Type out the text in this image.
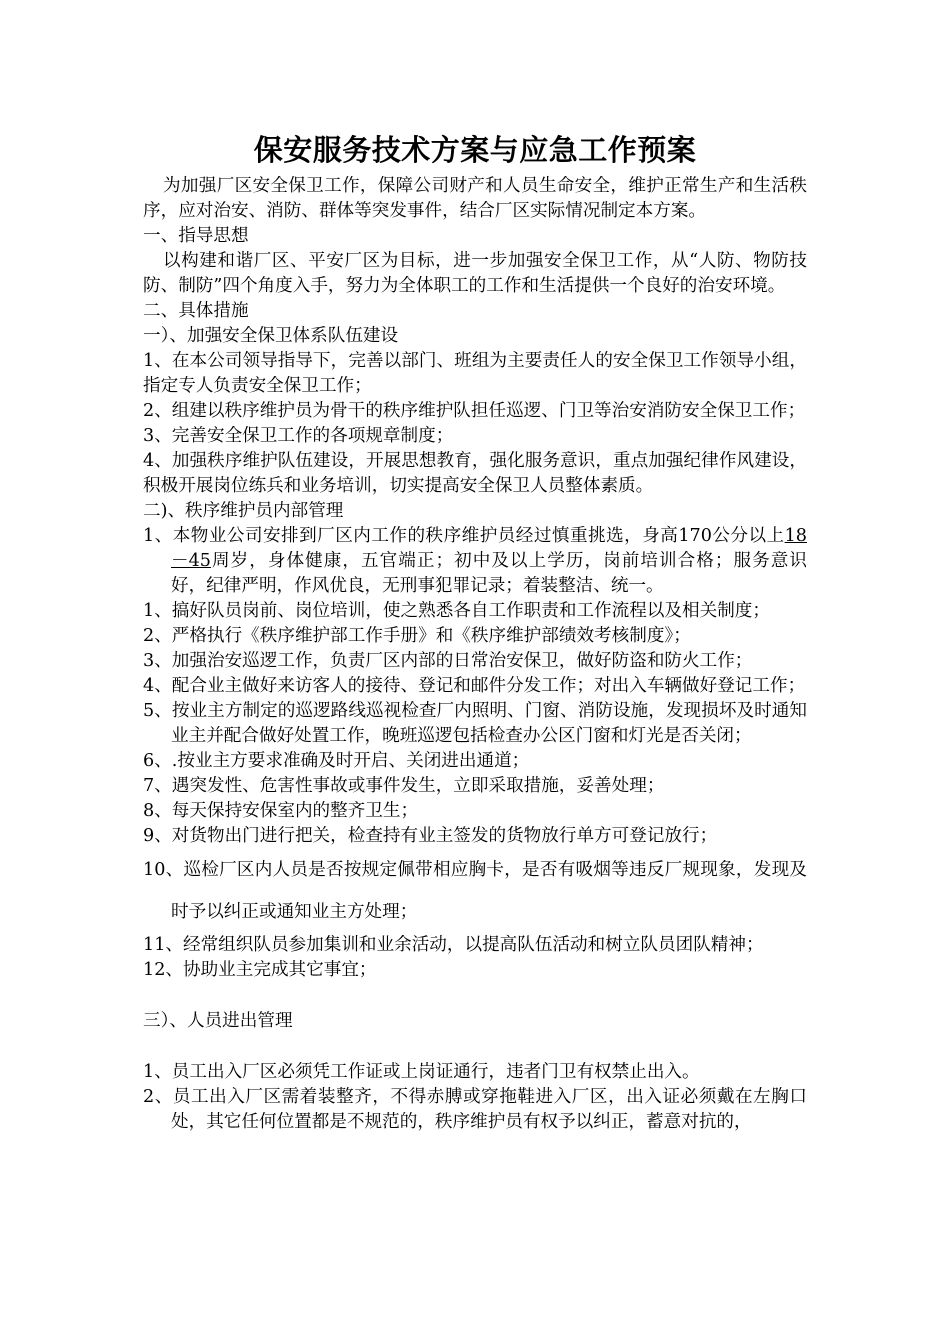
保安服务技术方案与应急工作预案

为加强厂区安全保卫工作，保障公司财产和人员生命安全，维护正常生产和生活秩序，应对治安、消防、群体等突发事件，结合厂区实际情况制定本方案。

一、指导思想

以构建和谐厂区、平安厂区为目标，进一步加强安全保卫工作，从“人防、物防技防、制防”四个角度入手，努力为全体职工的工作和生活提供一个良好的治安环境。

二、具体措施

一）、加强安全保卫体系队伍建设

1、在本公司领导指导下，完善以部门、班组为主要责任人的安全保卫工作领导小组，指定专人负责安全保卫工作；

2、组建以秩序维护员为骨干的秩序维护队担任巡逻、门卫等治安消防安全保卫工作；

3、完善安全保卫工作的各项规章制度；

4、加强秩序维护队伍建设，开展思想教育，强化服务意识，重点加强纪律作风建设，积极开展岗位练兵和业务培训，切实提高安全保卫人员整体素质。

二)、秩序维护员内部管理

1、本物业公司安排到厂区内工作的秩序维护员经过慎重挑选，身高170公分以上18－45周岁，身体健康，五官端正；初中及以上学历，岗前培训合格；服务意识好，纪律严明，作风优良，无刑事犯罪记录；着装整洁、统一。

1、搞好队员岗前、岗位培训，使之熟悉各自工作职责和工作流程以及相关制度；

2、严格执行《秩序维护部工作手册》和《秩序维护部绩效考核制度》；

3、加强治安巡逻工作，负责厂区内部的日常治安保卫，做好防盗和防火工作；

4、配合业主做好来访客人的接待、登记和邮件分发工作；对出入车辆做好登记工作；

5、按业主方制定的巡逻路线巡视检查厂内照明、门窗、消防设施，发现损坏及时通知业主并配合做好处置工作，晚班巡逻包括检查办公区门窗和灯光是否关闭；

6、.按业主方要求准确及时开启、关闭进出通道；

7、遇突发性、危害性事故或事件发生，立即采取措施，妥善处理；

8、每天保持安保室内的整齐卫生；

9、对货物出门进行把关，检查持有业主签发的货物放行单方可登记放行；

10、巡检厂区内人员是否按规定佩带相应胸卡，是否有吸烟等违反厂规现象，发现及时予以纠正或通知业主方处理；

11、经常组织队员参加集训和业余活动，以提高队伍活动和树立队员团队精神；

12、协助业主完成其它事宜；

三）、人员进出管理

1、员工出入厂区必须凭工作证或上岗证通行，违者门卫有权禁止出入。

2、员工出入厂区需着装整齐，不得赤膊或穿拖鞋进入厂区，出入证必须戴在左胸口处，其它任何位置都是不规范的，秩序维护员有权予以纠正，蓄意对抗的，
